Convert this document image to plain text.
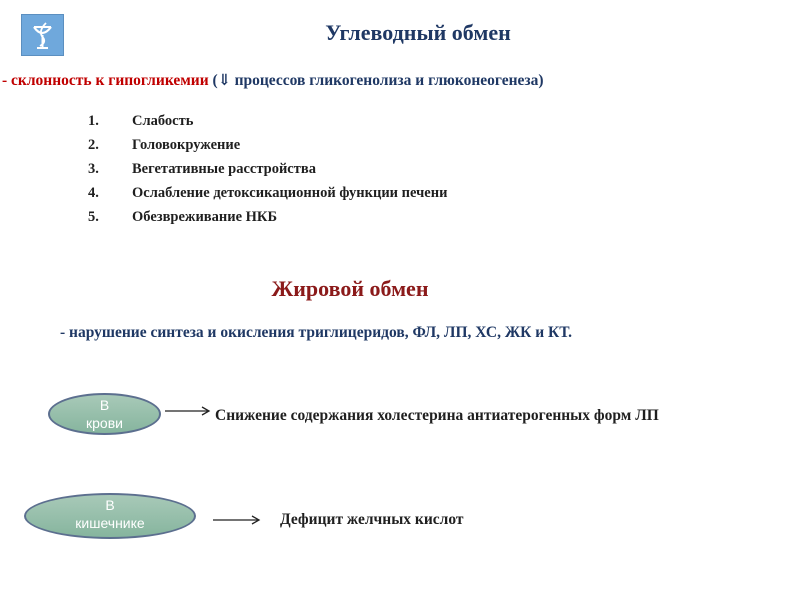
Углеводный обмен
- склонность к гипогликемии (⇓ процессов гликогенолиза и глюконеогенеза)
1.	Слабость
2.	Головокружение
3.	Вегетативные расстройства
4.	Ослабление детоксикационной функции печени
5.	Обезвреживание НКБ
Жировой обмен
- нарушение синтеза и окисления триглицеридов, ФЛ, ЛП, ХС, ЖК и КТ.
В
крови	Снижение содержания холестерина антиатерогенных форм ЛП
В
кишечнике	Дефицит желчных кислот
